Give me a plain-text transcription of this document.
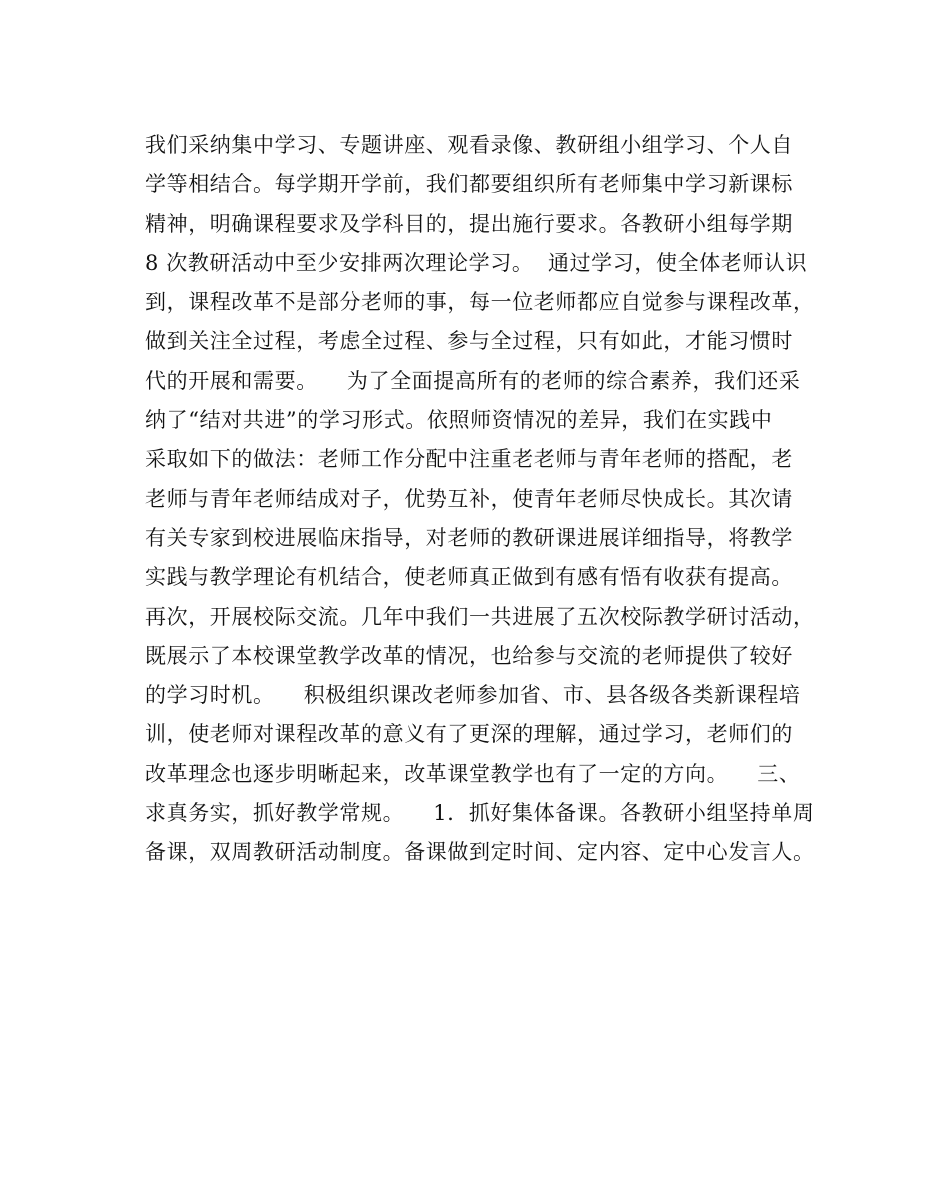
我们采纳集中学习、专题讲座、观看录像、教研组小组学习、个人自
学等相结合。每学期开学前，我们都要组织所有老师集中学习新课标
精神，明确课程要求及学科目的，提出施行要求。各教研小组每学期
8 次教研活动中至少安排两次理论学习。  通过学习，使全体老师认识
到，课程改革不是部分老师的事，每一位老师都应自觉参与课程改革，
做到关注全过程，考虑全过程、参与全过程，只有如此，才能习惯时
代的开展和需要。    为了全面提高所有的老师的综合素养，我们还采
纳了“结对共进”的学习形式。依照师资情况的差异，我们在实践中
采取如下的做法：老师工作分配中注重老老师与青年老师的搭配，老
老师与青年老师结成对子，优势互补，使青年老师尽快成长。其次请
有关专家到校进展临床指导，对老师的教研课进展详细指导，将教学
实践与教学理论有机结合，使老师真正做到有感有悟有收获有提高。
再次，开展校际交流。几年中我们一共进展了五次校际教学研讨活动，
既展示了本校课堂教学改革的情况，也给参与交流的老师提供了较好
的学习时机。    积极组织课改老师参加省、市、县各级各类新课程培
训，使老师对课程改革的意义有了更深的理解，通过学习，老师们的
改革理念也逐步明晰起来，改革课堂教学也有了一定的方向。    三、
求真务实，抓好教学常规。    1．抓好集体备课。各教研小组坚持单周
备课，双周教研活动制度。备课做到定时间、定内容、定中心发言人。
